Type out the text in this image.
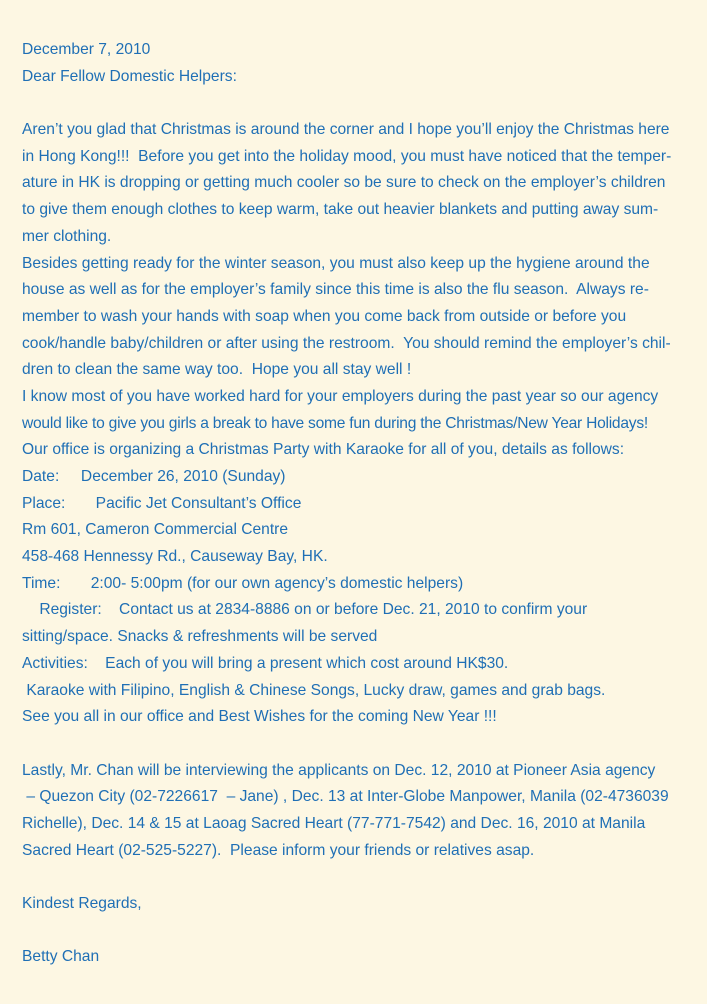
December 7, 2010
Dear Fellow Domestic Helpers:
Aren’t you glad that Christmas is around the corner and I hope you’ll enjoy the Christmas here
in Hong Kong!!!  Before you get into the holiday mood, you must have noticed that the temper-
ature in HK is dropping or getting much cooler so be sure to check on the employer’s children
to give them enough clothes to keep warm, take out heavier blankets and putting away sum-
mer clothing.
Besides getting ready for the winter season, you must also keep up the hygiene around the
house as well as for the employer’s family since this time is also the flu season.  Always re-
member to wash your hands with soap when you come back from outside or before you
cook/handle baby/children or after using the restroom.  You should remind the employer’s chil-
dren to clean the same way too.  Hope you all stay well !
I know most of you have worked hard for your employers during the past year so our agency
would like to give you girls a break to have some fun during the Christmas/New Year Holidays!
Our office is organizing a Christmas Party with Karaoke for all of you, details as follows:
Date:     December 26, 2010 (Sunday)
Place:       Pacific Jet Consultant’s Office
Rm 601, Cameron Commercial Centre
458-468 Hennessy Rd., Causeway Bay, HK.
Time:       2:00- 5:00pm (for our own agency’s domestic helpers)
Register:    Contact us at 2834-8886 on or before Dec. 21, 2010 to confirm your
sitting/space. Snacks & refreshments will be served
Activities:    Each of you will bring a present which cost around HK$30.
Karaoke with Filipino, English & Chinese Songs, Lucky draw, games and grab bags.
See you all in our office and Best Wishes for the coming New Year !!!
Lastly, Mr. Chan will be interviewing the applicants on Dec. 12, 2010 at Pioneer Asia agency
– Quezon City (02-7226617  – Jane) , Dec. 13 at Inter-Globe Manpower, Manila (02-4736039
Richelle), Dec. 14 & 15 at Laoag Sacred Heart (77-771-7542) and Dec. 16, 2010 at Manila
Sacred Heart (02-525-5227).  Please inform your friends or relatives asap.
Kindest Regards,
Betty Chan
